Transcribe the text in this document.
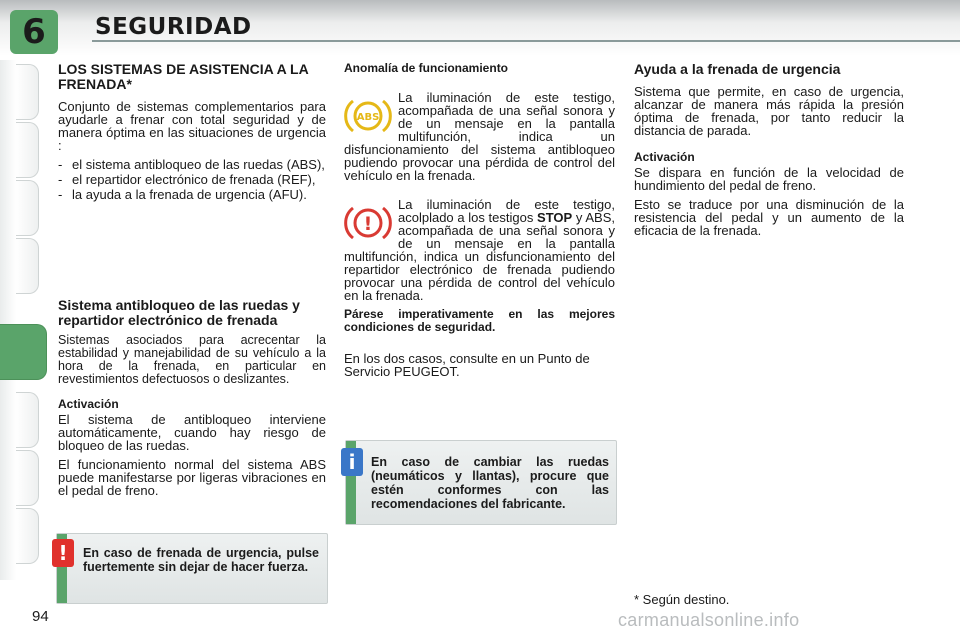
6 SEGURIDAD
LOS SISTEMAS DE ASISTENCIA A LA FRENADA*

Conjunto de sistemas complementarios para ayudarle a frenar con total seguridad y de manera óptima en las situaciones de urgencia :

- el sistema antibloqueo de las ruedas (ABS),
- el repartidor electrónico de frenada (REF),
- la ayuda a la frenada de urgencia (AFU).
Sistema antibloqueo de las ruedas y repartidor electrónico de frenada

Sistemas asociados para acrecentar la estabilidad y manejabilidad de su vehículo a la hora de la frenada, en particular en revestimientos defectuosos o deslizantes.

Activación

El sistema de antibloqueo interviene automáticamente, cuando hay riesgo de bloqueo de las ruedas.

El funcionamiento normal del sistema ABS puede manifestarse por ligeras vibraciones en el pedal de freno.

En caso de frenada de urgencia, pulse fuertemente sin dejar de hacer fuerza.
!
Anomalía de funcionamiento
ABS

La iluminación de este testigo, acompañada de una señal sonora y de un mensaje en la pantalla multifunción, indica un disfuncionamiento del sistema antibloqueo pudiendo provocar una pérdida de control del vehículo en la frenada.

!

La iluminación de este testigo, acolplado a los testigos STOP y ABS, acompañada de una señal sonora y de un mensaje en la pantalla multifunción, indica un disfuncionamiento del repartidor electrónico de frenada pudiendo provocar una pérdida de control del vehículo en la frenada.

Párese imperativamente en las mejores condiciones de seguridad.

En los dos casos, consulte en un Punto de Servicio PEUGEOT.

En caso de cambiar las ruedas (neumáticos y llantas), procure que estén conformes con las recomendaciones del fabricante.
i
Ayuda a la frenada de urgencia

Sistema que permite, en caso de urgencia, alcanzar de manera más rápida la presión óptima de frenada, por tanto reducir la distancia de parada.

Activación

Se dispara en función de la velocidad de hundimiento del pedal de freno.

Esto se traduce por una disminución de la resistencia del pedal y un aumento de la eficacia de la frenada.

94
* Según destino.
carmanualsonline.info
